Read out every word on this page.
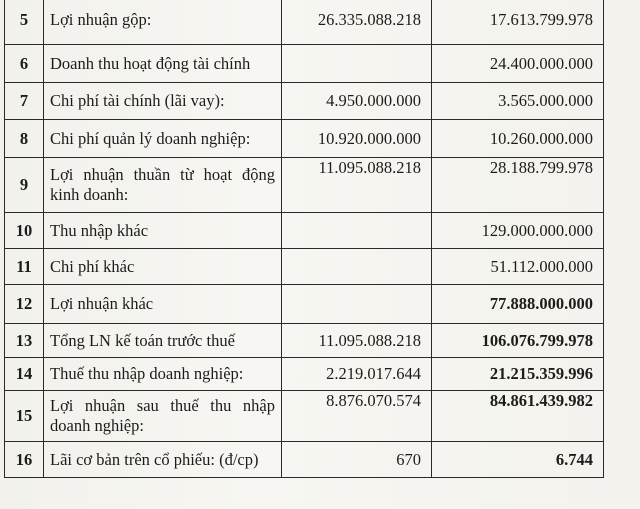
5	Lợi nhuận gộp:	26.335.088.218	17.613.799.978
6	Doanh thu hoạt động tài chính		24.400.000.000
7	Chi phí tài chính (lãi vay):	4.950.000.000	3.565.000.000
8	Chi phí quản lý doanh nghiệp:	10.920.000.000	10.260.000.000
9	Lợi nhuận thuần từ hoạt động kinh doanh:	11.095.088.218	28.188.799.978
10	Thu nhập khác		129.000.000.000
11	Chi phí khác		51.112.000.000
12	Lợi nhuận khác		77.888.000.000
13	Tổng LN kế toán trước thuế	11.095.088.218	106.076.799.978
14	Thuế thu nhập doanh nghiệp:	2.219.017.644	21.215.359.996
15	Lợi nhuận sau thuế thu nhập doanh nghiệp:	8.876.070.574	84.861.439.982
16	Lãi cơ bản trên cổ phiếu: (đ/cp)	670	6.744
